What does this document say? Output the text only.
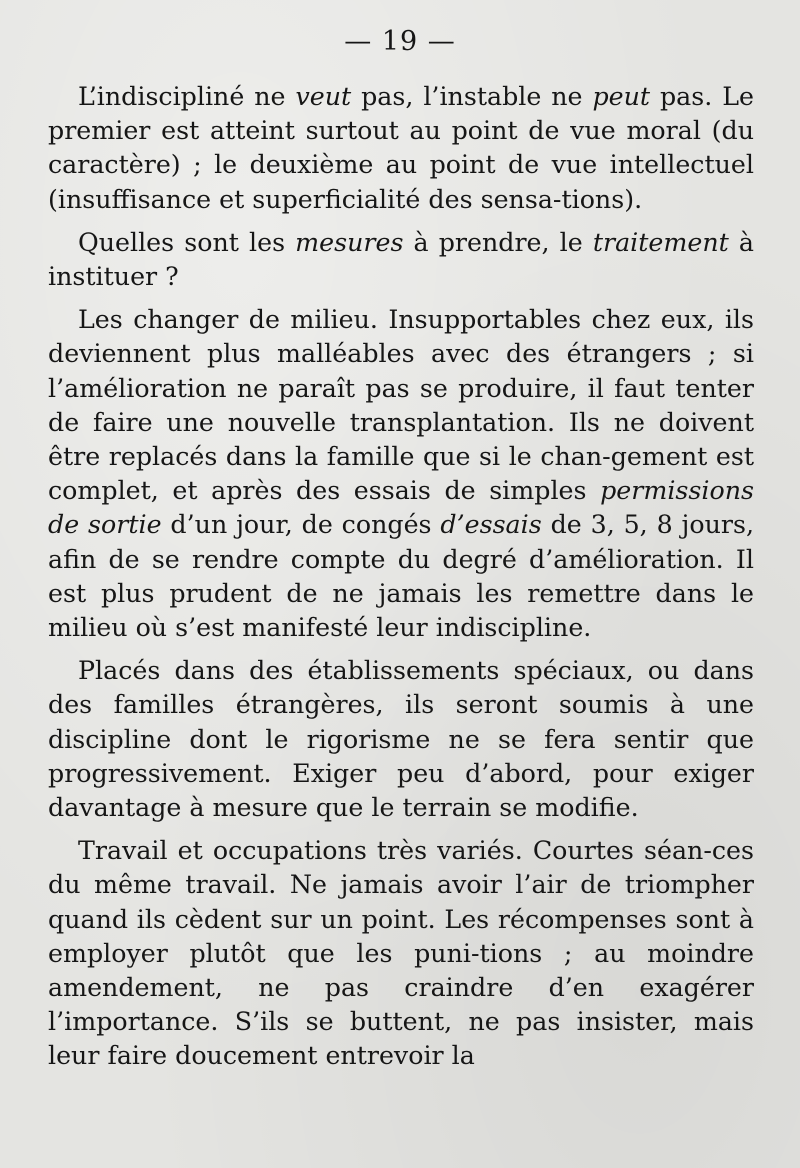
— 19 —

L’indiscipliné ne veut pas, l’instable ne peut pas. Le premier est atteint surtout au point de vue moral (du caractère) ; le deuxième au point de vue intellectuel (insuffisance et superficialité des sensa-tions).

Quelles sont les mesures à prendre, le traitement à instituer ?

Les changer de milieu. Insupportables chez eux, ils deviennent plus malléables avec des étrangers ; si l’amélioration ne paraît pas se produire, il faut tenter de faire une nouvelle transplantation. Ils ne doivent être replacés dans la famille que si le chan-gement est complet, et après des essais de simples permissions de sortie d’un jour, de congés d’essais de 3, 5, 8 jours, afin de se rendre compte du degré d’amélioration. Il est plus prudent de ne jamais les remettre dans le milieu où s’est manifesté leur indiscipline.

Placés dans des établissements spéciaux, ou dans des familles étrangères, ils seront soumis à une discipline dont le rigorisme ne se fera sentir que progressivement. Exiger peu d’abord, pour exiger davantage à mesure que le terrain se modifie.

Travail et occupations très variés. Courtes séan-ces du même travail. Ne jamais avoir l’air de triompher quand ils cèdent sur un point. Les récompenses sont à employer plutôt que les puni-tions ; au moindre amendement, ne pas craindre d’en exagérer l’importance. S’ils se buttent, ne pas insister, mais leur faire doucement entrevoir la
